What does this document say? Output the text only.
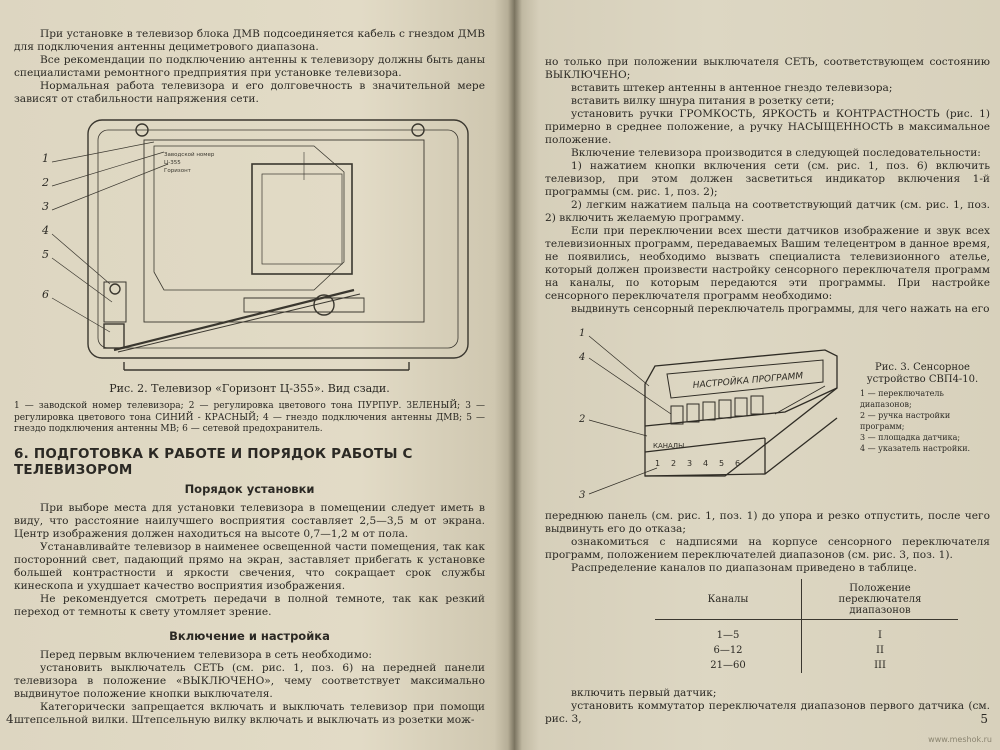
При установке в телевизор блока ДМВ подсоединяется кабель с гнездом ДМВ для подключения антенны дециметрового диапазона.

Все рекомендации по подключению антенны к телевизору должны быть даны специалистами ремонтного предприятия при установке телевизора.

Нормальная работа телевизора и его долговечность в значительной мере зависят от стабильности напряжения сети.

1
2
3
4
5
6
Заводской номер
Ц-355
Горизонт
Рис. 2. Телевизор «Горизонт Ц-355». Вид сзади.

1 — заводской номер телевизора; 2 — регулировка цветового тона ПУРПУР. ЗЕЛЕНЫЙ; 3 — регулировка цветового тона СИНИЙ - КРАСНЫЙ; 4 — гнездо подключения антенны ДМВ; 5 — гнездо подключения антенны МВ; 6 — сетевой предохранитель.

6. ПОДГОТОВКА К РАБОТЕ И ПОРЯДОК РАБОТЫ С ТЕЛЕВИЗОРОМ
Порядок установки

При выборе места для установки телевизора в помещении следует иметь в виду, что расстояние наилучшего восприятия составляет 2,5—3,5 м от экрана. Центр изображения должен находиться на высоте 0,7—1,2 м от пола.

Устанавливайте телевизор в наименее освещенной части помещения, так как посторонний свет, падающий прямо на экран, заставляет прибегать к установке большей контрастности и яркости свечения, что сокращает срок службы кинескопа и ухудшает качество восприятия изображения.

Не рекомендуется смотреть передачи в полной темноте, так как резкий переход от темноты к свету утомляет зрение.

Включение и настройка

Перед первым включением телевизора в сеть необходимо:

установить выключатель СЕТЬ (см. рис. 1, поз. 6) на передней панели телевизора в положение «ВЫКЛЮЧЕНО», чему соответствует максимально выдвинутое положение кнопки выключателя.

Категорически запрещается включать и выключать телевизор при помощи штепсельной вилки. Штепсельную вилку включать и выключать из розетки мож-

4

но только при положении выключателя СЕТЬ, соответствующем состоянию ВЫКЛЮЧЕНО;

вставить штекер антенны в антенное гнездо телевизора;

вставить вилку шнура питания в розетку сети;

установить ручки ГРОМКОСТЬ, ЯРКОСТЬ и КОНТРАСТНОСТЬ (рис. 1) примерно в среднее положение, а ручку НАСЫЩЕННОСТЬ в максимальное положение.

Включение телевизора производится в следующей последовательности:

1) нажатием кнопки включения сети (см. рис. 1, поз. 6) включить телевизор, при этом должен засветиться индикатор включения 1-й программы (см. рис. 1, поз. 2);

2) легким нажатием пальца на соответствующий датчик (см. рис. 1, поз. 2) включить желаемую программу.

Если при переключении всех шести датчиков изображение и звук всех телевизионных программ, передаваемых Вашим телецентром в данное время, не появились, необходимо вызвать специалиста телевизионного ателье, который должен произвести настройку сенсорного переключателя программ на каналы, по которым передаются эти программы. При настройке сенсорного переключателя программ необходимо:

выдвинуть сенсорный переключатель программы, для чего нажать на его

1
4
2
3
НАСТРОЙКА ПРОГРАММ
КАНАЛЫ
1 2 3 4 5 6

переднюю панель (см. рис. 1, поз. 1) до упора и резко отпустить, после чего выдвинуть его до отказа;

ознакомиться с надписями на корпусе сенсорного переключателя программ, положением переключателей диапазонов (см. рис. 3, поз. 1).

Распределение каналов по диапазонам приведено в таблице.

Каналы	Положение переключателя диапазонов
1—5	I
6—12	II
21—60	III

включить первый датчик;

установить коммутатор переключателя диапазонов первого датчика (см. рис. 3,	5
Рис. 3. Сенсорное устройство СВП4-10.
1 — переключатель диапазонов;
2 — ручка настройки программ;
3 — площадка датчика;
4 — указатель настройки.
www.meshok.ru
